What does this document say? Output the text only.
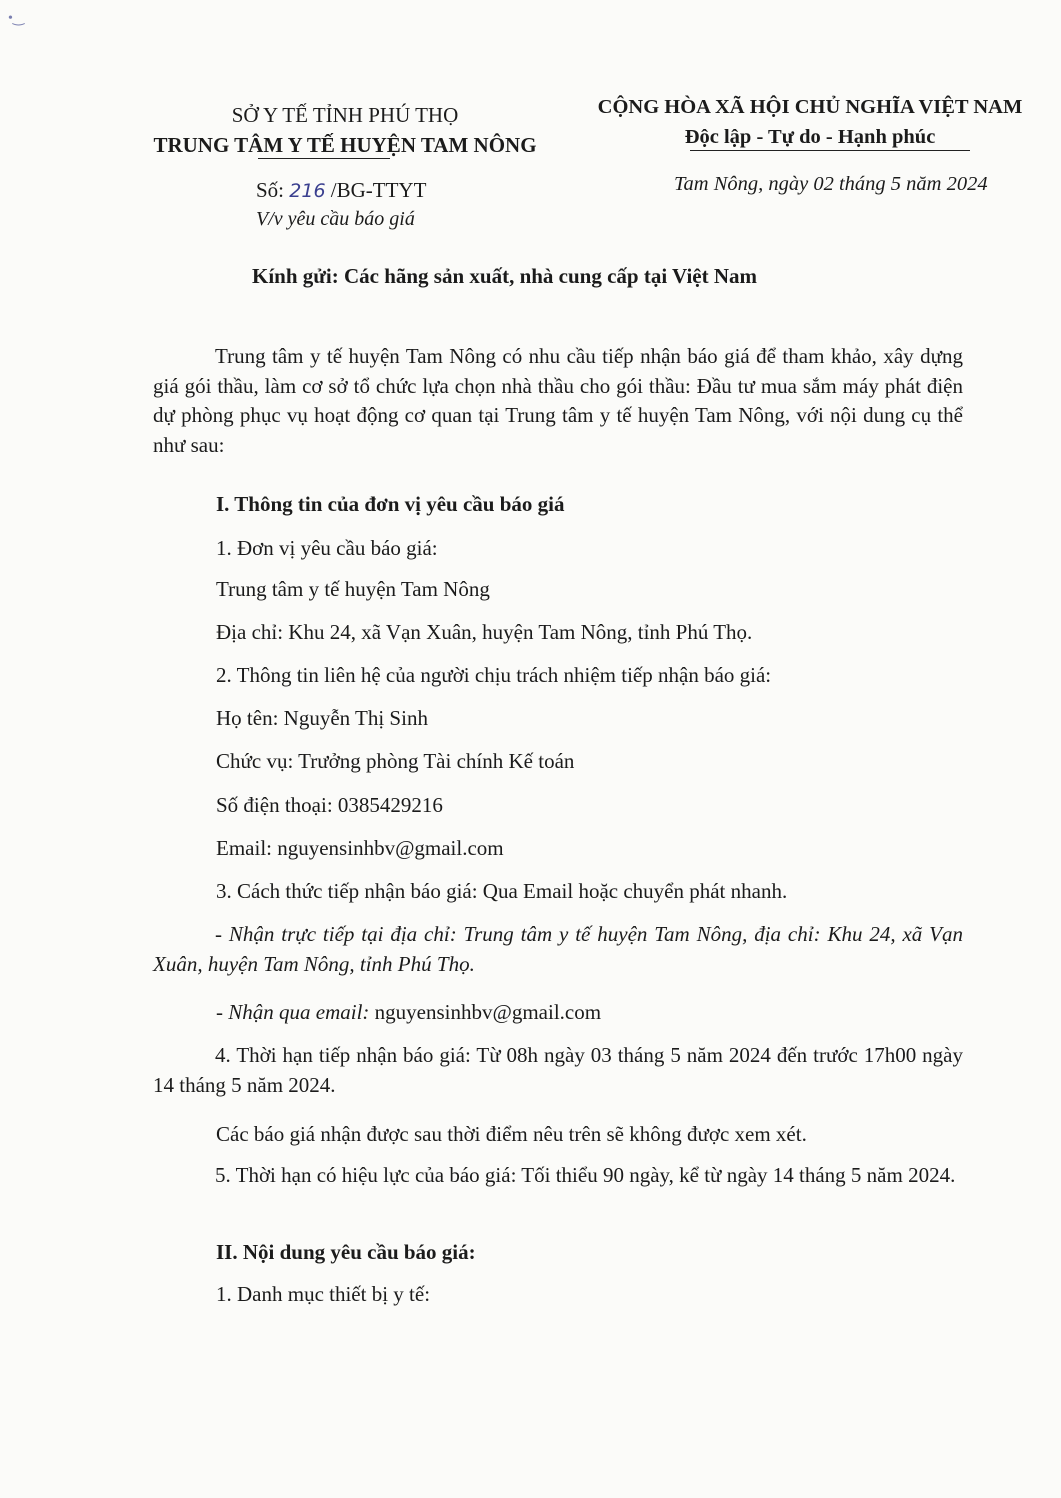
•‿
SỞ Y TẾ TỈNH PHÚ THỌ
TRUNG TÂM Y TẾ HUYỆN TAM NÔNG
CỘNG HÒA XÃ HỘI CHỦ NGHĨA VIỆT NAM
Độc lập - Tự do - Hạnh phúc
Số: 216 /BG-TTYT
V/v yêu cầu báo giá
Tam Nông, ngày 02 tháng 5 năm 2024
Kính gửi: Các hãng sản xuất, nhà cung cấp tại Việt Nam
Trung tâm y tế huyện Tam Nông có nhu cầu tiếp nhận báo giá để tham khảo, xây dựng giá gói thầu, làm cơ sở tổ chức lựa chọn nhà thầu cho gói thầu: Đầu tư mua sắm máy phát điện dự phòng phục vụ hoạt động cơ quan tại Trung tâm y tế huyện Tam Nông, với nội dung cụ thể như sau:
I. Thông tin của đơn vị yêu cầu báo giá
1. Đơn vị yêu cầu báo giá:
Trung tâm y tế huyện Tam Nông
Địa chỉ: Khu 24, xã Vạn Xuân, huyện Tam Nông, tỉnh Phú Thọ.
2. Thông tin liên hệ của người chịu trách nhiệm tiếp nhận báo giá:
Họ tên: Nguyễn Thị Sinh
Chức vụ: Trưởng phòng Tài chính Kế toán
Số điện thoại: 0385429216
Email: nguyensinhbv@gmail.com
3. Cách thức tiếp nhận báo giá: Qua Email hoặc chuyển phát nhanh.
- Nhận trực tiếp tại địa chỉ: Trung tâm y tế huyện Tam Nông, địa chỉ: Khu 24, xã Vạn Xuân, huyện Tam Nông, tỉnh Phú Thọ.
- Nhận qua email: nguyensinhbv@gmail.com
4. Thời hạn tiếp nhận báo giá: Từ 08h ngày 03 tháng 5 năm 2024 đến trước 17h00 ngày 14 tháng 5 năm 2024.
Các báo giá nhận được sau thời điểm nêu trên sẽ không được xem xét.
5. Thời hạn có hiệu lực của báo giá: Tối thiểu 90 ngày, kể từ ngày 14 tháng 5 năm 2024.
II. Nội dung yêu cầu báo giá:
1. Danh mục thiết bị y tế:
